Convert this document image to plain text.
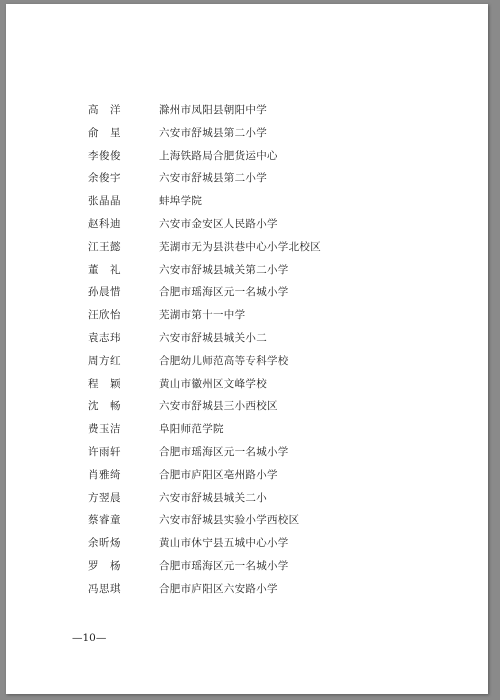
高　洋	滁州市凤阳县朝阳中学
俞　星	六安市舒城县第二小学
李俊俊	上海铁路局合肥货运中心
余俊宇	六安市舒城县第二小学
张晶晶	蚌埠学院
赵科迪	六安市金安区人民路小学
江王懿	芜湖市无为县洪巷中心小学北校区
董　礼	六安市舒城县城关第二小学
孙晨惜	合肥市瑶海区元一名城小学
汪欣怡	芜湖市第十一中学
袁志玮	六安市舒城县城关小二
周方红	合肥幼儿师范高等专科学校
程　颖	黄山市徽州区文峰学校
沈　畅	六安市舒城县三小西校区
费玉洁	阜阳师范学院
许雨轩	合肥市瑶海区元一名城小学
肖雅绮	合肥市庐阳区亳州路小学
方翌晨	六安市舒城县城关二小
蔡睿童	六安市舒城县实验小学西校区
余昕炀	黄山市休宁县五城中心小学
罗　杨	合肥市瑶海区元一名城小学
冯思琪	合肥市庐阳区六安路小学
—10—
